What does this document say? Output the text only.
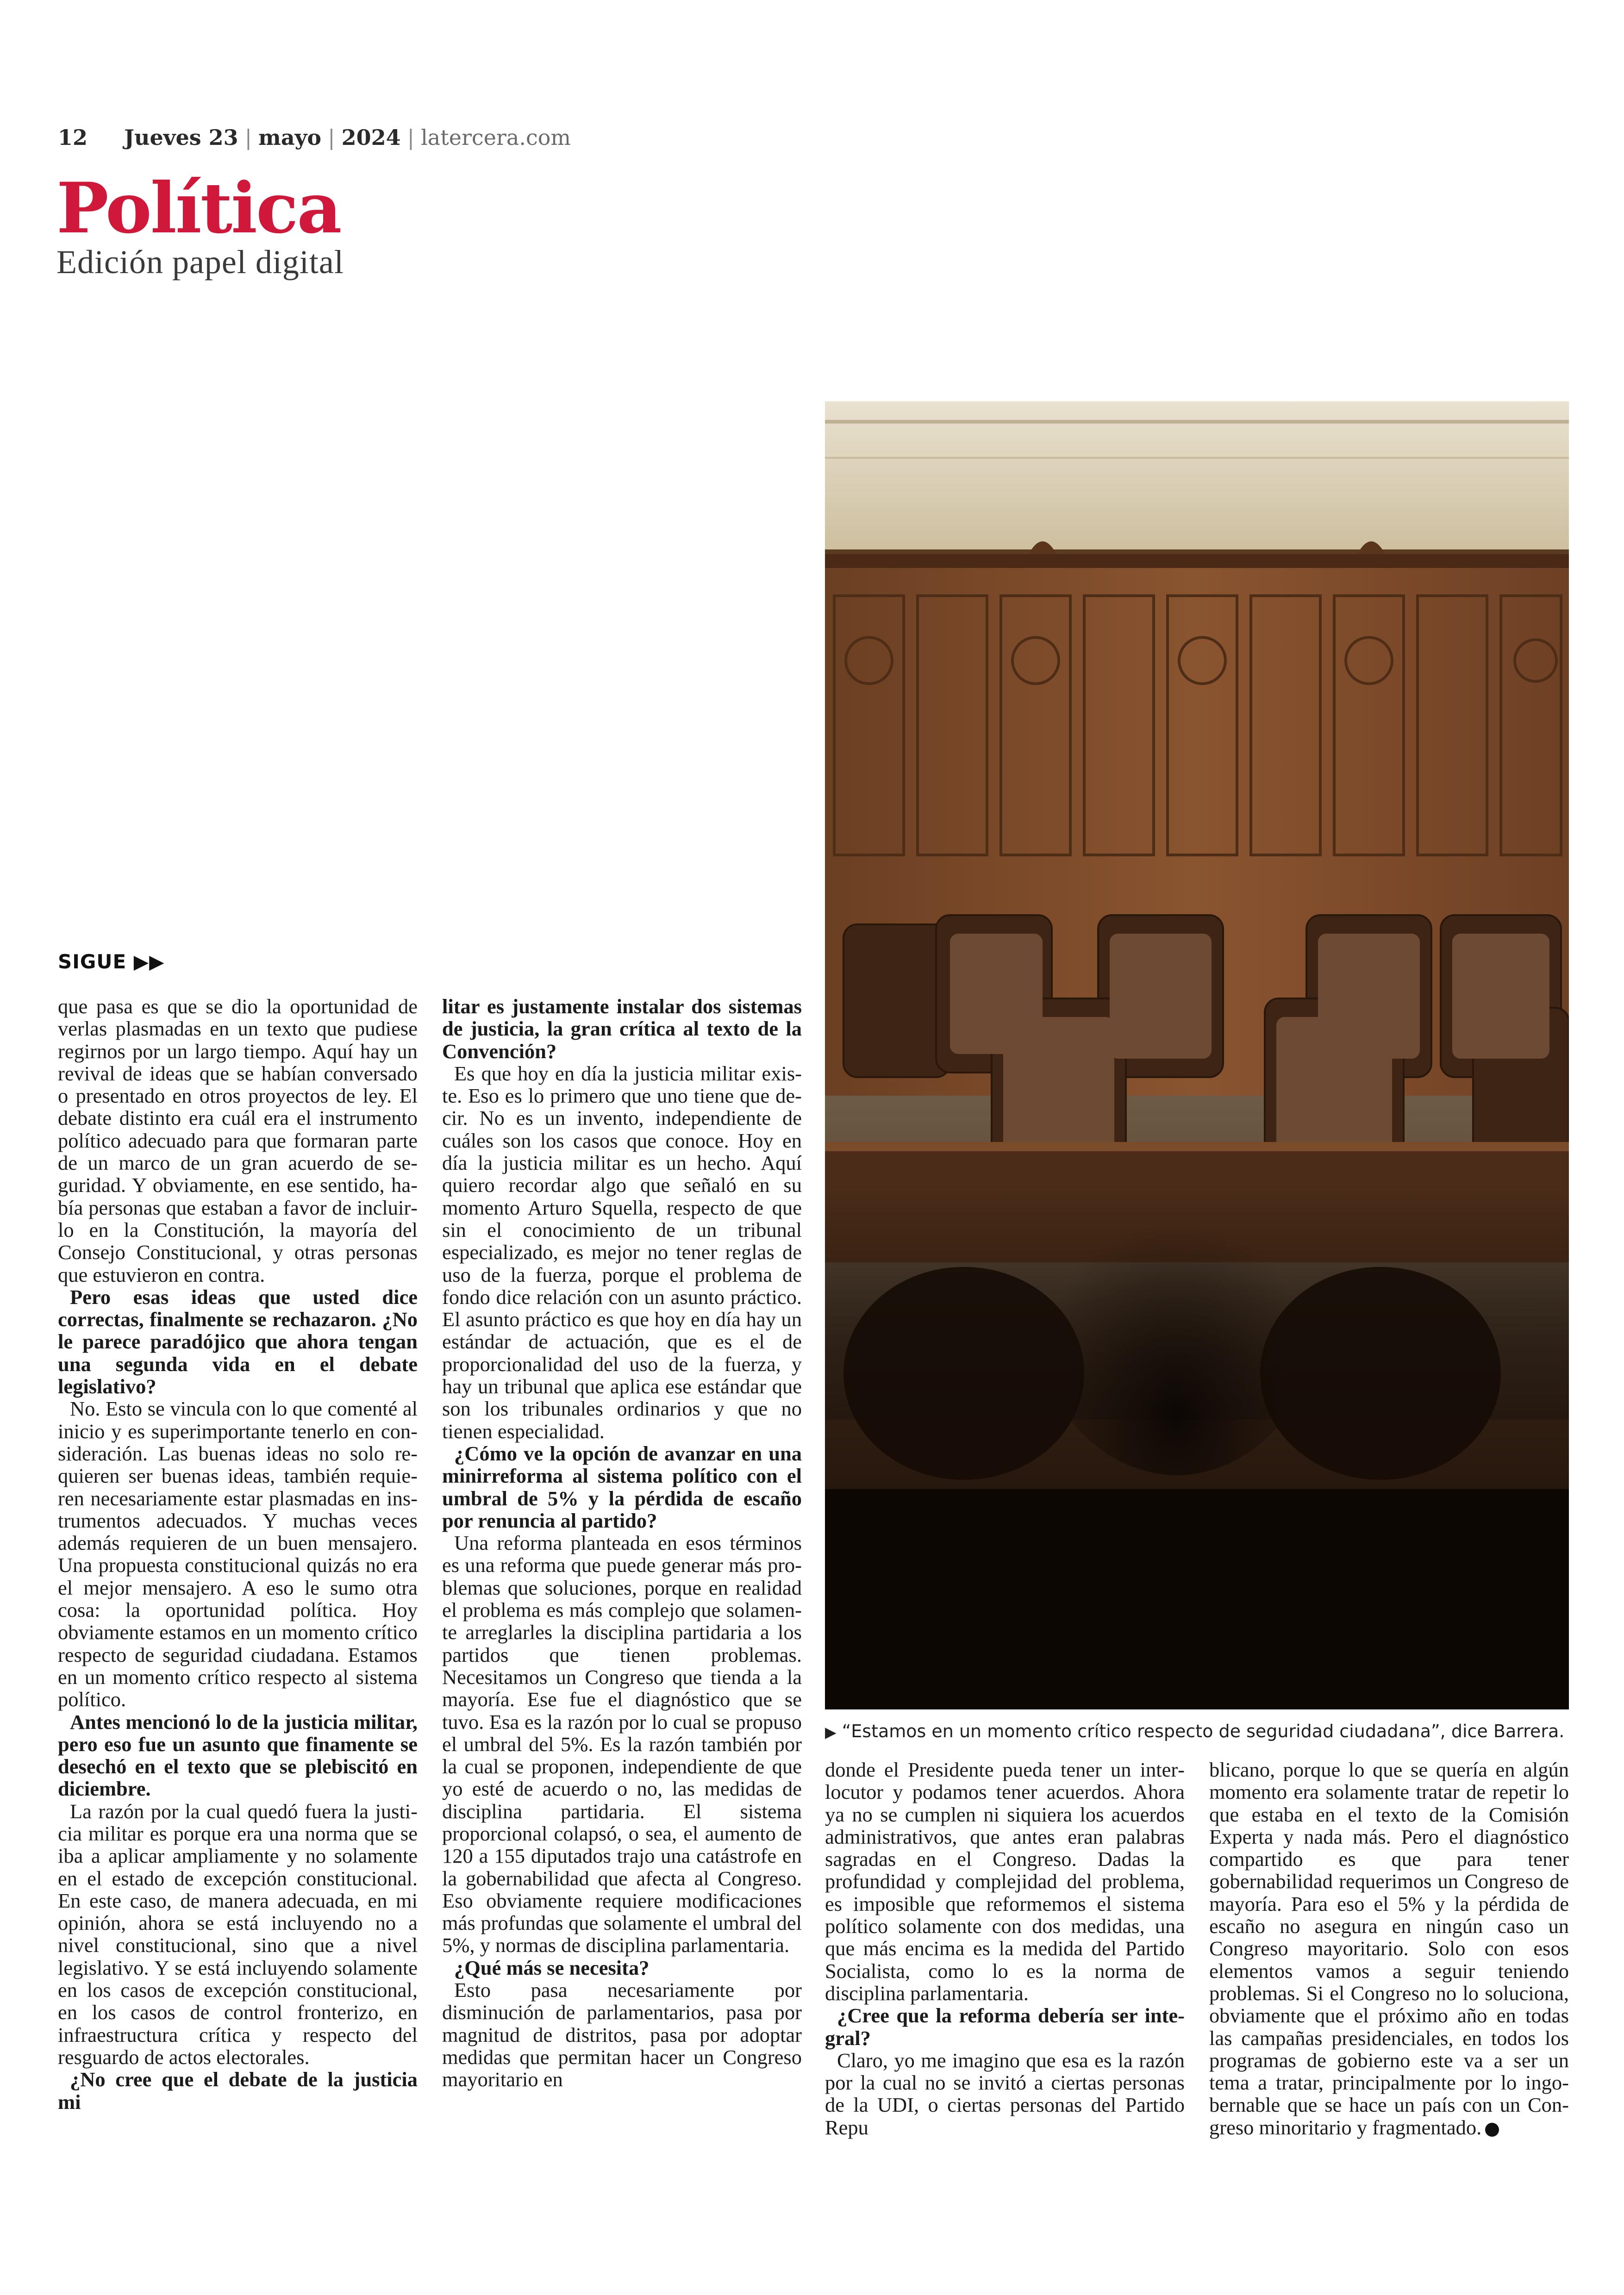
12 Jueves 23 | mayo | 2024 | latercera.com
Política
Edición papel digital
▶ “Estamos en un momento crítico respecto de seguridad ciudadana”, dice Barrera.
SIGUE ▶▶

que pasa es que se dio la oportunidad de verlas plasmadas en un texto que pudiese regirnos por un largo tiempo. Aquí hay un revival de ideas que se habían conversado o presentado en otros proyectos de ley. El debate distinto era cuál era el instrumento político adecuado para que formaran parte de un marco de un gran acuerdo de seguridad. Y obviamente, en ese sentido, había personas que estaban a favor de incluirlo en la Constitución, la mayoría del Consejo Constitucional, y otras personas que estuvieron en contra.

Pero esas ideas que usted dice correctas, finalmente se rechazaron. ¿No le parece paradójico que ahora tengan una segunda vida en el debate legislativo?

No. Esto se vincula con lo que comenté al inicio y es superimportante tenerlo en consideración. Las buenas ideas no solo requieren ser buenas ideas, también requieren necesariamente estar plasmadas en instrumentos adecuados. Y muchas veces además requieren de un buen mensajero. Una propuesta constitucional quizás no era el mejor mensajero. A eso le sumo otra cosa: la oportunidad política. Hoy obviamente estamos en un momento crítico respecto de seguridad ciudadana. Estamos en un momento crítico respecto al sistema político.

Antes mencionó lo de la justicia militar, pero eso fue un asunto que finamente se desechó en el texto que se plebiscitó en diciembre.

La razón por la cual quedó fuera la justicia militar es porque era una norma que se iba a aplicar ampliamente y no solamente en el estado de excepción constitucional. En este caso, de manera adecuada, en mi opinión, ahora se está incluyendo no a nivel constitucional, sino que a nivel legislativo. Y se está incluyendo solamente en los casos de excepción constitucional, en los casos de control fronterizo, en infraestructura crítica y respecto del resguardo de actos electorales.

¿No cree que el debate de la justicia mi

litar es justamente instalar dos sistemas de justicia, la gran crítica al texto de la Convención?

Es que hoy en día la justicia militar existe. Eso es lo primero que uno tiene que decir. No es un invento, independiente de cuáles son los casos que conoce. Hoy en día la justicia militar es un hecho. Aquí quiero recordar algo que señaló en su momento Arturo Squella, respecto de que sin el conocimiento de un tribunal especializado, es mejor no tener reglas de uso de la fuerza, porque el problema de fondo dice relación con un asunto práctico. El asunto práctico es que hoy en día hay un estándar de actuación, que es el de proporcionalidad del uso de la fuerza, y hay un tribunal que aplica ese estándar que son los tribunales ordinarios y que no tienen especialidad.

¿Cómo ve la opción de avanzar en una minirreforma al sistema político con el umbral de 5% y la pérdida de escaño por renuncia al partido?

Una reforma planteada en esos términos es una reforma que puede generar más problemas que soluciones, porque en realidad el problema es más complejo que solamente arreglarles la disciplina partidaria a los partidos que tienen problemas. Necesitamos un Congreso que tienda a la mayoría. Ese fue el diagnóstico que se tuvo. Esa es la razón por lo cual se propuso el umbral del 5%. Es la razón también por la cual se proponen, independiente de que yo esté de acuerdo o no, las medidas de disciplina partidaria. El sistema proporcional colapsó, o sea, el aumento de 120 a 155 diputados trajo una catástrofe en la gobernabilidad que afecta al Congreso. Eso obviamente requiere modificaciones más profundas que solamente el umbral del 5%, y normas de disciplina parlamentaria.

¿Qué más se necesita?

Esto pasa necesariamente por disminución de parlamentarios, pasa por magnitud de distritos, pasa por adoptar medidas que permitan hacer un Congreso mayoritario en

donde el Presidente pueda tener un interlocutor y podamos tener acuerdos. Ahora ya no se cumplen ni siquiera los acuerdos administrativos, que antes eran palabras sagradas en el Congreso. Dadas la profundidad y complejidad del problema, es imposible que reformemos el sistema político solamente con dos medidas, una que más encima es la medida del Partido Socialista, como lo es la norma de disciplina parlamentaria.

¿Cree que la reforma debería ser integral?

Claro, yo me imagino que esa es la razón por la cual no se invitó a ciertas personas de la UDI, o ciertas personas del Partido Repu

blicano, porque lo que se quería en algún momento era solamente tratar de repetir lo que estaba en el texto de la Comisión Experta y nada más. Pero el diagnóstico compartido es que para tener gobernabilidad requerimos un Congreso de mayoría. Para eso el 5% y la pérdida de escaño no asegura en ningún caso un Congreso mayoritario. Solo con esos elementos vamos a seguir teniendo problemas. Si el Congreso no lo soluciona, obviamente que el próximo año en todas las campañas presidenciales, en todos los programas de gobierno este va a ser un tema a tratar, principalmente por lo ingobernable que se hace un país con un Congreso minoritario y fragmentado.
